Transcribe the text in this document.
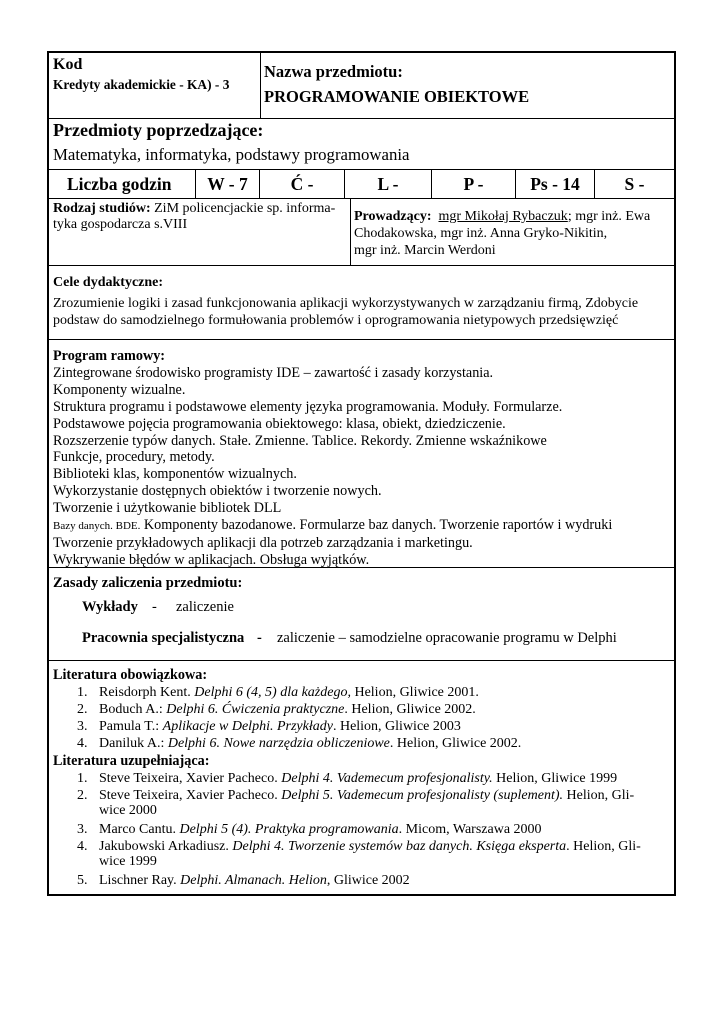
Kod
Kredyty akademickie - KA) - 3
Nazwa przedmiotu:
PROGRAMOWANIE OBIEKTOWE
Przedmioty poprzedzające:
Matematyka, informatyka, podstawy programowania
Liczba godzin	W - 7	Ć -	L -	P -	Ps - 14	S -
Rodzaj studiów: ZiM policencjackie sp. informa-
tyka gospodarcza s.VIII
Prowadzący: mgr Mikołaj Rybaczuk; mgr inż. Ewa
Chodakowska, mgr inż. Anna Gryko-Nikitin,
mgr inż. Marcin Werdoni
Cele dydaktyczne:
Zrozumienie logiki i zasad funkcjonowania aplikacji wykorzystywanych w zarządzaniu firmą, Zdobycie
podstaw do samodzielnego formułowania problemów i oprogramowania nietypowych przedsięwzięć
Program ramowy:
Zintegrowane środowisko programisty IDE – zawartość i zasady korzystania.
Komponenty wizualne.
Struktura programu i podstawowe elementy języka programowania. Moduły. Formularze.
Podstawowe pojęcia programowania obiektowego: klasa, obiekt, dziedziczenie.
Rozszerzenie typów danych. Stałe. Zmienne. Tablice. Rekordy. Zmienne wskaźnikowe
Funkcje, procedury, metody.
Biblioteki klas, komponentów wizualnych.
Wykorzystanie dostępnych obiektów i tworzenie nowych.
Tworzenie i użytkowanie bibliotek DLL
Bazy danych. BDE. Komponenty bazodanowe. Formularze baz danych. Tworzenie raportów i wydruki
Tworzenie przykładowych aplikacji dla potrzeb zarządzania i marketingu.
Wykrywanie błędów w aplikacjach. Obsługa wyjątków.
Zasady zaliczenia przedmiotu:
Wykłady - zaliczenie
Pracownia specjalistyczna - zaliczenie – samodzielne opracowanie programu w Delphi
Literatura obowiązkowa:
1. Reisdorph Kent. Delphi 6 (4, 5) dla każdego, Helion, Gliwice 2001.
2. Boduch A.: Delphi 6. Ćwiczenia praktyczne. Helion, Gliwice 2002.
3. Pamula T.: Aplikacje w Delphi. Przykłady. Helion, Gliwice 2003
4. Daniluk A.: Delphi 6. Nowe narzędzia obliczeniowe. Helion, Gliwice 2002.
Literatura uzupełniająca:
1. Steve Teixeira, Xavier Pacheco. Delphi 4. Vademecum profesjonalisty. Helion, Gliwice 1999
2. Steve Teixeira, Xavier Pacheco. Delphi 5. Vademecum profesjonalisty (suplement). Helion, Gli-
wice 2000
3. Marco Cantu. Delphi 5 (4). Praktyka programowania. Micom, Warszawa 2000
4. Jakubowski Arkadiusz. Delphi 4. Tworzenie systemów baz danych. Księga eksperta. Helion, Gli-
wice 1999
5. Lischner Ray. Delphi. Almanach. Helion, Gliwice 2002
